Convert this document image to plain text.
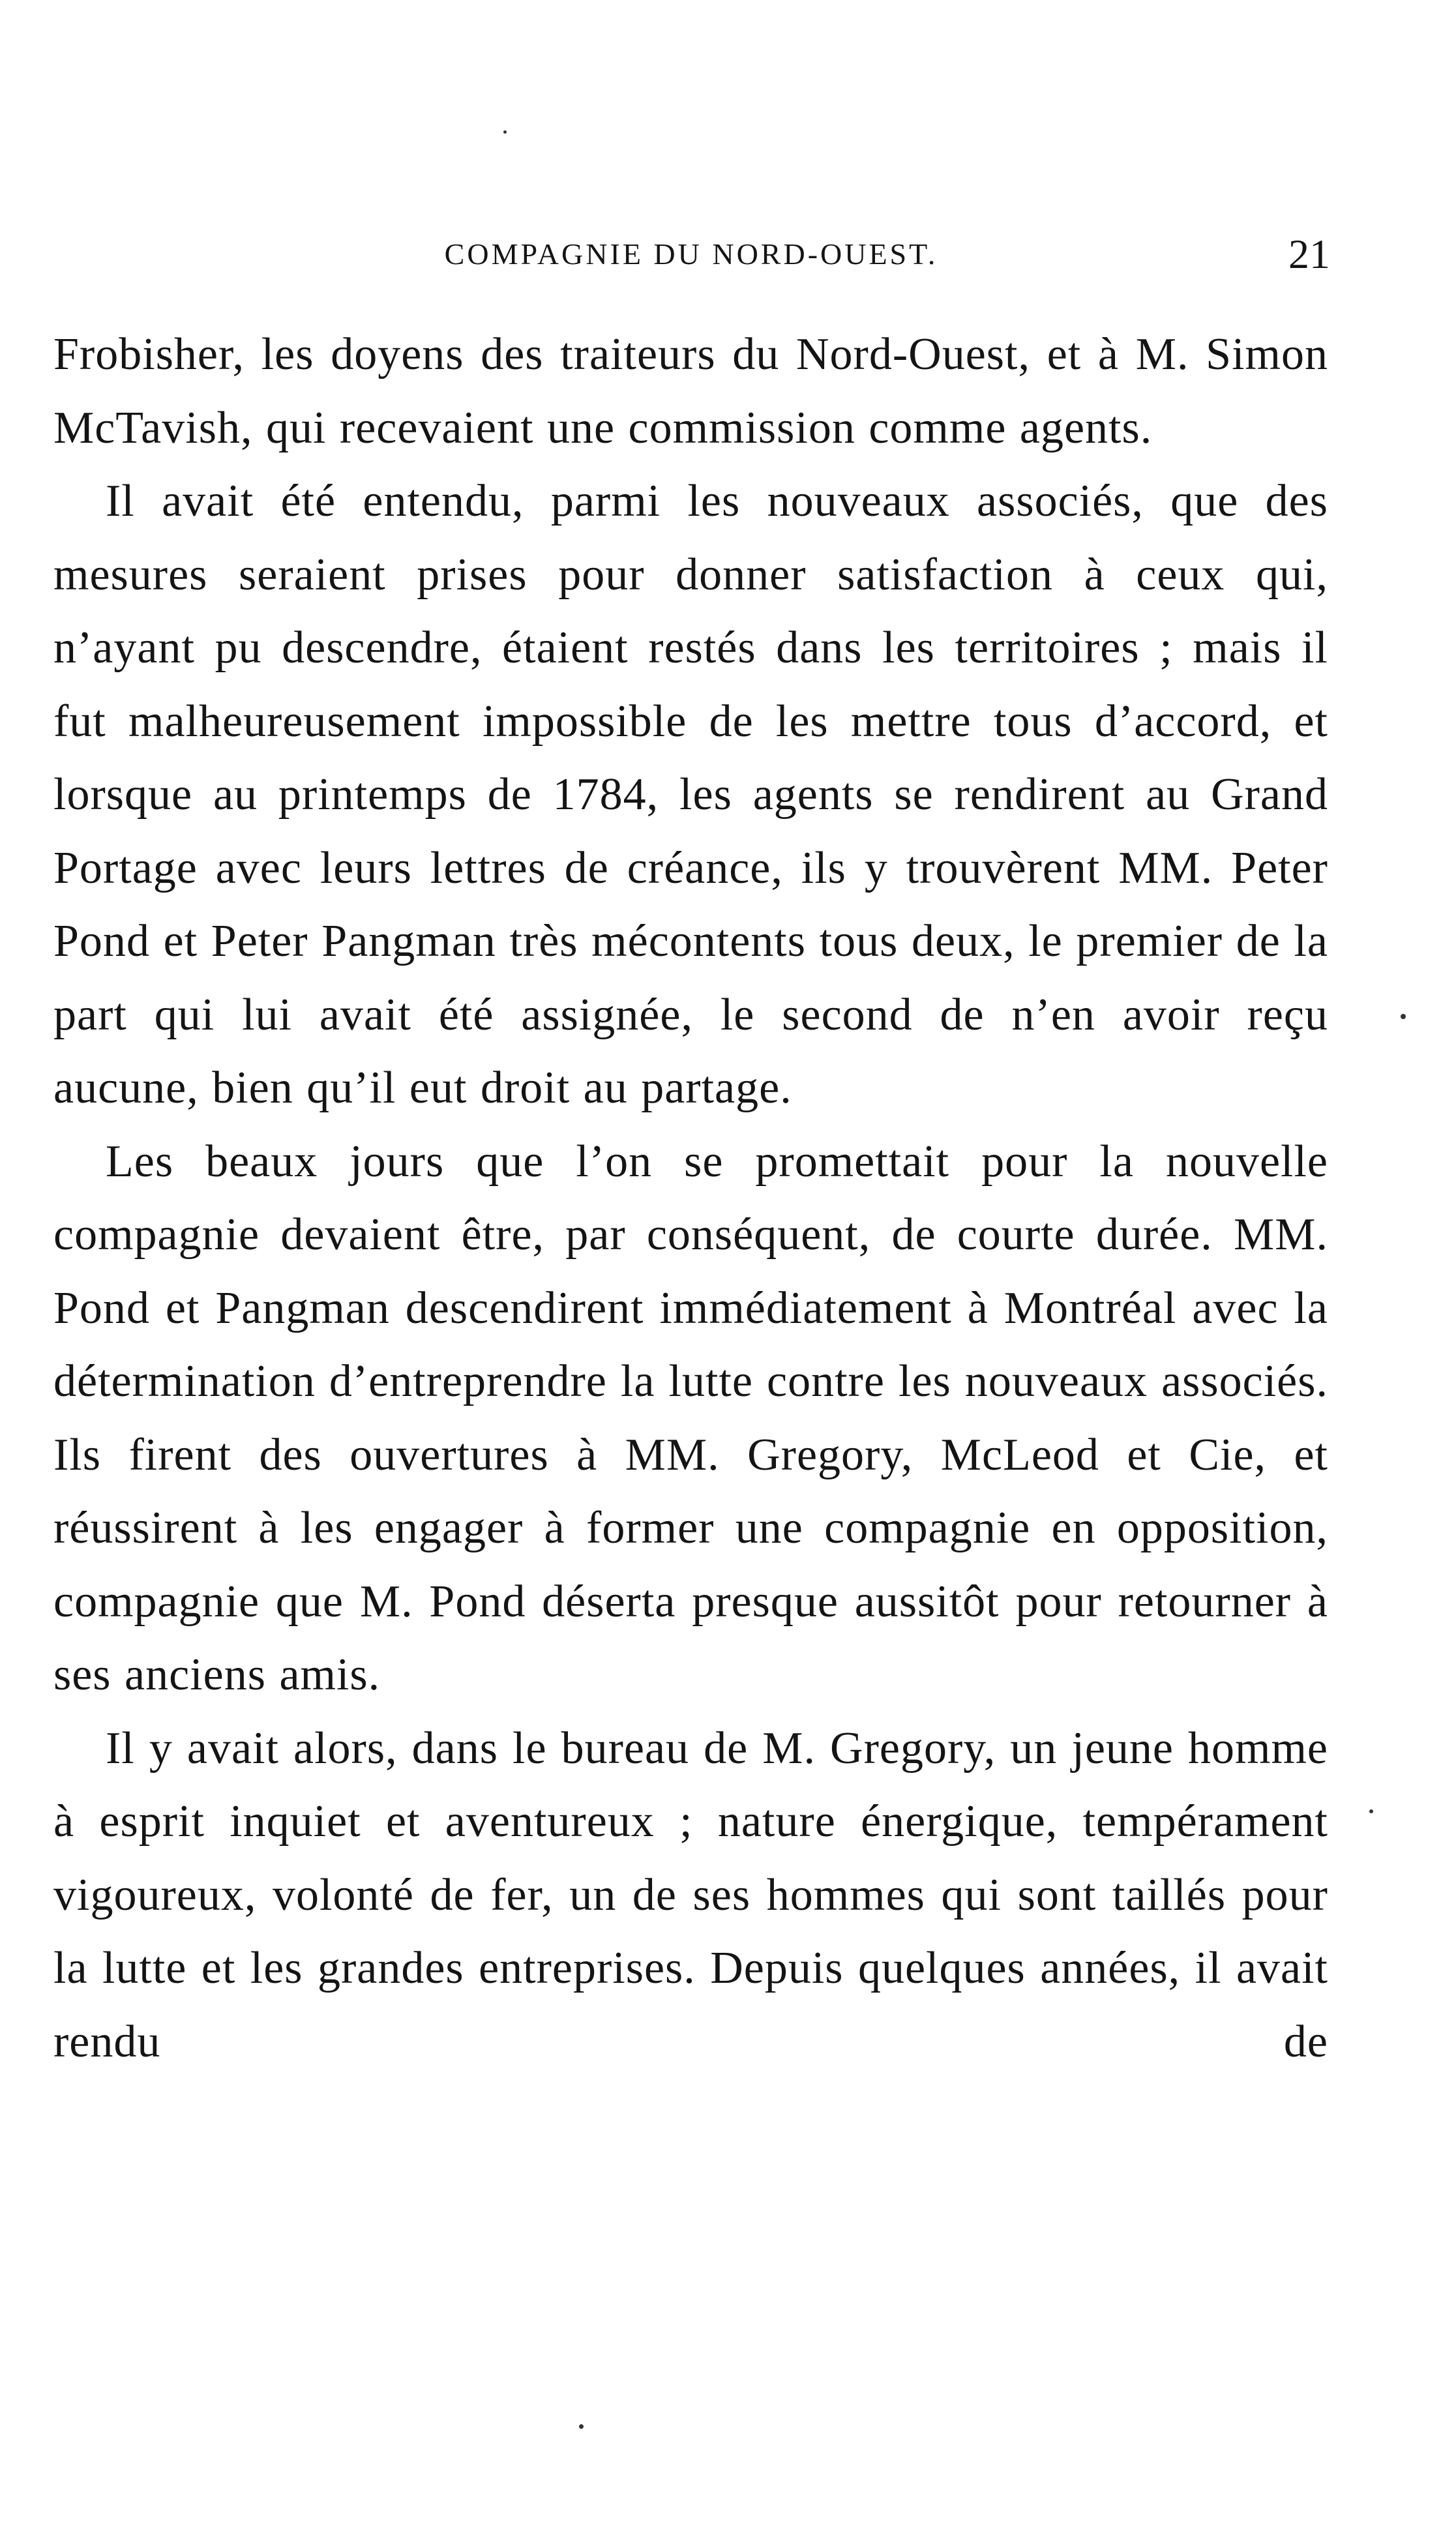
COMPAGNIE DU NORD-OUEST.	21

Frobisher, les doyens des traiteurs du Nord-Ouest, et à M. Simon McTavish, qui recevaient une commission comme agents.

Il avait été entendu, parmi les nouveaux associés, que des mesures seraient prises pour donner satisfaction à ceux qui, n’ayant pu descendre, étaient restés dans les territoires ; mais il fut malheureusement impossible de les mettre tous d’accord, et lorsque au printemps de 1784, les agents se rendirent au Grand Portage avec leurs lettres de créance, ils y trouvèrent MM. Peter Pond et Peter Pangman très mécontents tous deux, le premier de la part qui lui avait été assignée, le second de n’en avoir reçu aucune, bien qu’il eut droit au partage.

Les beaux jours que l’on se promettait pour la nouvelle compagnie devaient être, par conséquent, de courte durée. MM. Pond et Pangman descendirent immédiatement à Montréal avec la détermination d’entreprendre la lutte contre les nouveaux associés. Ils firent des ouvertures à MM. Gregory, McLeod et Cie, et réussirent à les engager à former une compagnie en opposition, compagnie que M. Pond déserta presque aussitôt pour retourner à ses anciens amis.

Il y avait alors, dans le bureau de M. Gregory, un jeune homme à esprit inquiet et aventureux ; nature énergique, tempérament vigoureux, volonté de fer, un de ses hommes qui sont taillés pour la lutte et les grandes entreprises. Depuis quelques années, il avait rendu de
